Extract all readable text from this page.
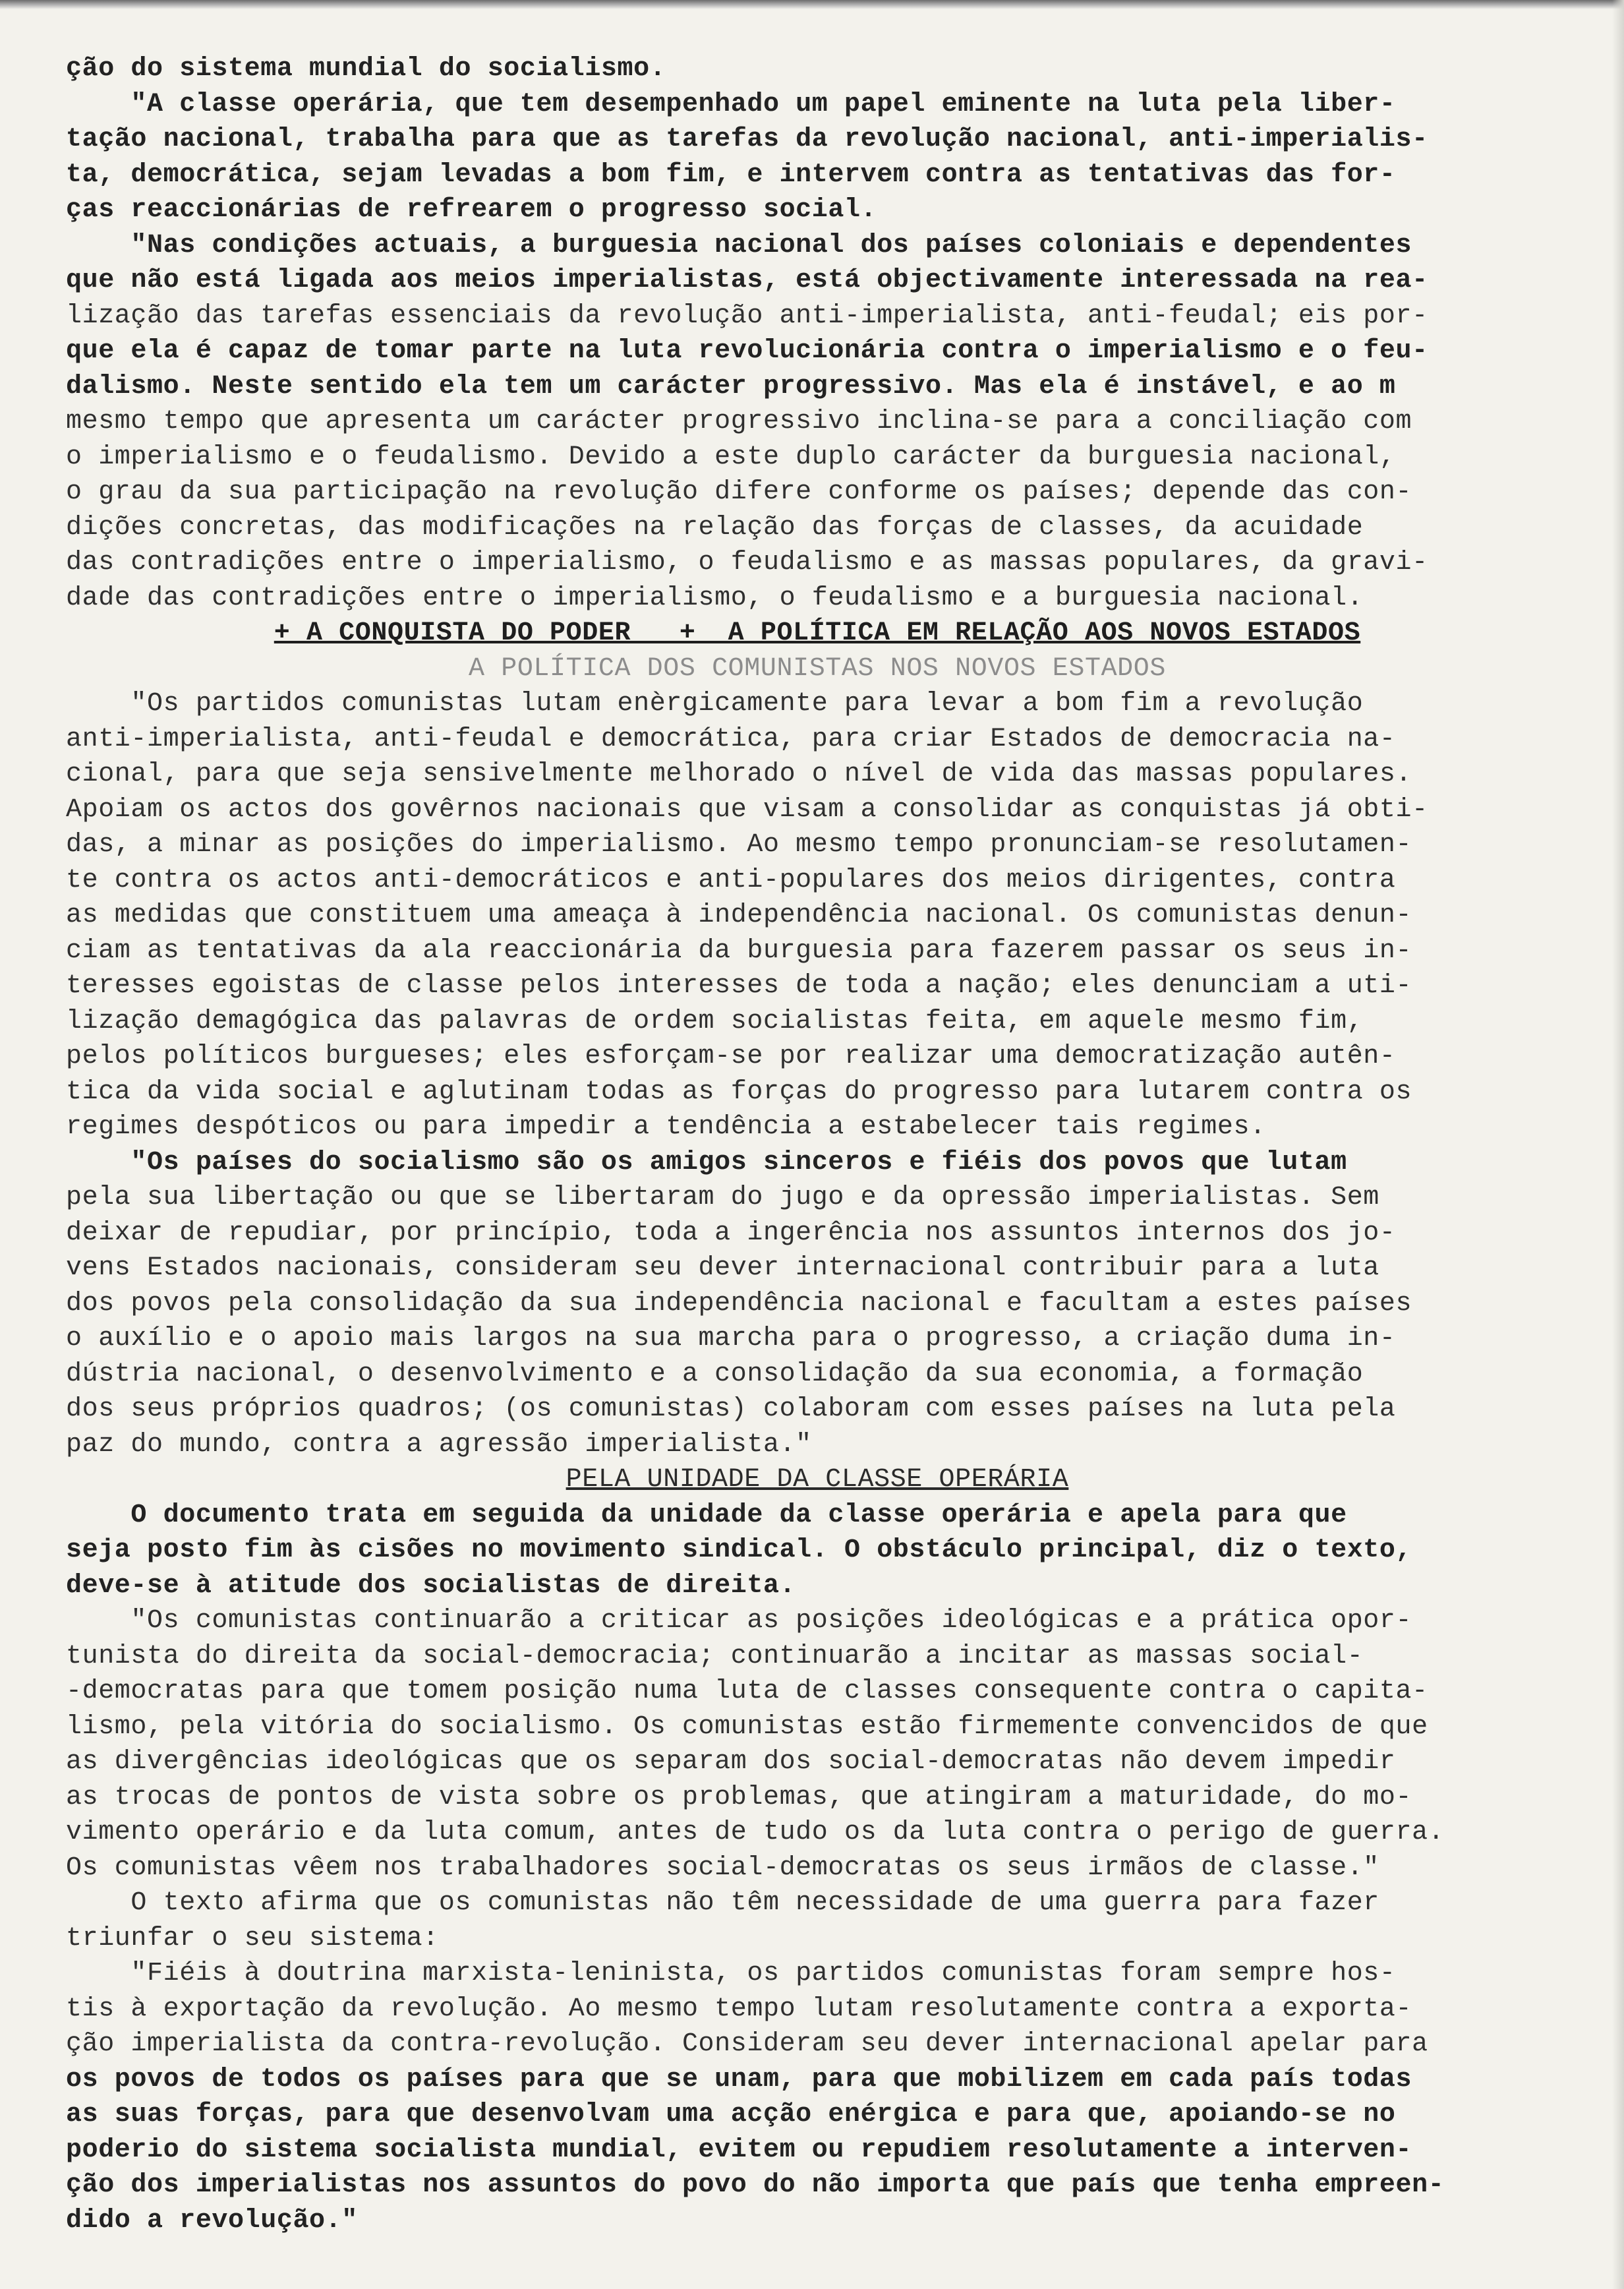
ção do sistema mundial do socialismo.
"A classe operária, que tem desempenhado um papel eminente na luta pela liber-
tação nacional, trabalha para que as tarefas da revolução nacional, anti-imperialis-
ta, democrática, sejam levadas a bom fim, e intervem contra as tentativas das for-
ças reaccionárias de refrearem o progresso social.
"Nas condições actuais, a burguesia nacional dos países coloniais e dependentes
que não está ligada aos meios imperialistas, está objectivamente interessada na rea-
lização das tarefas essenciais da revolução anti-imperialista, anti-feudal; eis por-
que ela é capaz de tomar parte na luta revolucionária contra o imperialismo e o feu-
dalismo. Neste sentido ela tem um carácter progressivo. Mas ela é instável, e ao m
mesmo tempo que apresenta um carácter progressivo inclina-se para a conciliação com
o imperialismo e o feudalismo. Devido a este duplo carácter da burguesia nacional,
o grau da sua participação na revolução difere conforme os países; depende das con-
dições concretas, das modificações na relação das forças de classes, da acuidade
das contradições entre o imperialismo, o feudalismo e as massas populares, da gravi-
dade das contradições entre o imperialismo, o feudalismo e a burguesia nacional.
+ A CONQUISTA DO PODER   +  A POLÍTICA EM RELAÇÃO AOS NOVOS ESTADOS
A POLÍTICA DOS COMUNISTAS NOS NOVOS ESTADOS
"Os partidos comunistas lutam enèrgicamente para levar a bom fim a revolução
anti-imperialista, anti-feudal e democrática, para criar Estados de democracia na-
cional, para que seja sensivelmente melhorado o nível de vida das massas populares.
Apoiam os actos dos govêrnos nacionais que visam a consolidar as conquistas já obti-
das, a minar as posições do imperialismo. Ao mesmo tempo pronunciam-se resolutamen-
te contra os actos anti-democráticos e anti-populares dos meios dirigentes, contra
as medidas que constituem uma ameaça à independência nacional. Os comunistas denun-
ciam as tentativas da ala reaccionária da burguesia para fazerem passar os seus in-
teresses egoistas de classe pelos interesses de toda a nação; eles denunciam a uti-
lização demagógica das palavras de ordem socialistas feita, em aquele mesmo fim,
pelos políticos burgueses; eles esforçam-se por realizar uma democratização autên-
tica da vida social e aglutinam todas as forças do progresso para lutarem contra os
regimes despóticos ou para impedir a tendência a estabelecer tais regimes.
"Os países do socialismo são os amigos sinceros e fiéis dos povos que lutam
pela sua libertação ou que se libertaram do jugo e da opressão imperialistas. Sem
deixar de repudiar, por princípio, toda a ingerência nos assuntos internos dos jo-
vens Estados nacionais, consideram seu dever internacional contribuir para a luta
dos povos pela consolidação da sua independência nacional e facultam a estes países
o auxílio e o apoio mais largos na sua marcha para o progresso, a criação duma in-
dústria nacional, o desenvolvimento e a consolidação da sua economia, a formação
dos seus próprios quadros; (os comunistas) colaboram com esses países na luta pela
paz do mundo, contra a agressão imperialista."
PELA UNIDADE DA CLASSE OPERÁRIA
O documento trata em seguida da unidade da classe operária e apela para que
seja posto fim às cisões no movimento sindical. O obstáculo principal, diz o texto,
deve-se à atitude dos socialistas de direita.
"Os comunistas continuarão a criticar as posições ideológicas e a prática opor-
tunista do direita da social-democracia; continuarão a incitar as massas social-
-democratas para que tomem posição numa luta de classes consequente contra o capita-
lismo, pela vitória do socialismo. Os comunistas estão firmemente convencidos de que
as divergências ideológicas que os separam dos social-democratas não devem impedir
as trocas de pontos de vista sobre os problemas, que atingiram a maturidade, do mo-
vimento operário e da luta comum, antes de tudo os da luta contra o perigo de guerra.
Os comunistas vêem nos trabalhadores social-democratas os seus irmãos de classe."
O texto afirma que os comunistas não têm necessidade de uma guerra para fazer
triunfar o seu sistema:
"Fiéis à doutrina marxista-leninista, os partidos comunistas foram sempre hos-
tis à exportação da revolução. Ao mesmo tempo lutam resolutamente contra a exporta-
ção imperialista da contra-revolução. Consideram seu dever internacional apelar para
os povos de todos os países para que se unam, para que mobilizem em cada país todas
as suas forças, para que desenvolvam uma acção enérgica e para que, apoiando-se no
poderio do sistema socialista mundial, evitem ou repudiem resolutamente a interven-
ção dos imperialistas nos assuntos do povo do não importa que país que tenha empreen-
dido a revolução."
